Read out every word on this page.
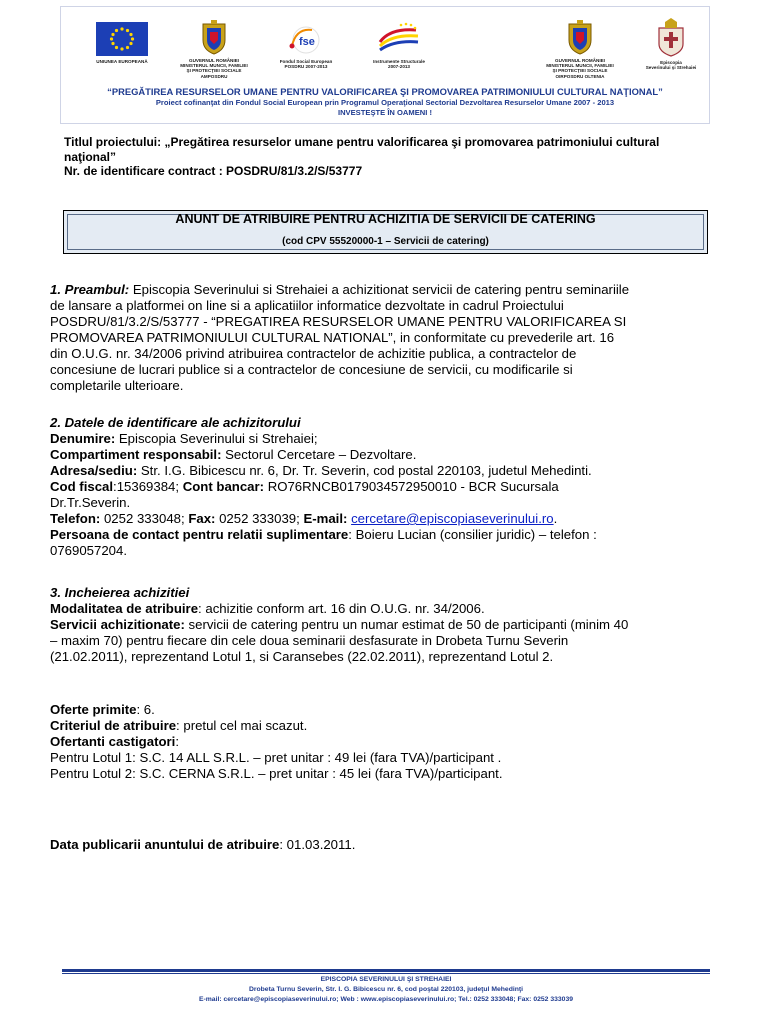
UNIUNEA EUROPEANĂ	GUVERNUL ROMÂNIEI
MINISTERUL MUNCII, FAMILIEI
ŞI PROTECŢIEI SOCIALE
AMPOSDRU
fse
Fondul Social European
POSDRU 2007-2013
Instrumente Structurale
2007-2013
GUVERNUL ROMÂNIEI
MINISTERUL MUNCII, FAMILIEI
ŞI PROTECŢIEI SOCIALE
OIRPOSDRU OLTENIA
Episcopia
Severinului şi Strehaiei
“PREGĂTIREA RESURSELOR UMANE PENTRU VALORIFICAREA ŞI PROMOVAREA PATRIMONIULUI CULTURAL NAŢIONAL”
Proiect cofinanţat din Fondul Social European prin Programul Operaţional Sectorial Dezvoltarea Resurselor Umane 2007 - 2013
INVESTEŞTE ÎN OAMENI !
Titlul proiectului: „Pregătirea resurselor umane pentru valorificarea şi promovarea patrimoniului cultural
naţional”
Nr. de identificare contract : POSDRU/81/3.2/S/53777
ANUNT DE ATRIBUIRE PENTRU ACHIZITIA DE SERVICII DE CATERING
(cod CPV 55520000-1 – Servicii de catering)
1. Preambul: Episcopia Severinului si Strehaiei a achizitionat servicii de catering pentru seminariile
de lansare a platformei on line si a aplicatiilor informatice dezvoltate in cadrul Proiectului
POSDRU/81/3.2/S/53777 - “PREGATIREA RESURSELOR UMANE PENTRU VALORIFICAREA SI
PROMOVAREA PATRIMONIULUI CULTURAL NATIONAL”, in conformitate cu prevederile art. 16
din O.U.G. nr. 34/2006 privind atribuirea contractelor de achizitie publica, a contractelor de
concesiune de lucrari publice si a contractelor de concesiune de servicii, cu modificarile si
completarile ulterioare.
2. Datele de identificare ale achizitorului
Denumire: Episcopia Severinului si Strehaiei;
Compartiment responsabil: Sectorul Cercetare – Dezvoltare.
Adresa/sediu: Str. I.G. Bibicescu nr. 6, Dr. Tr. Severin, cod postal 220103, judetul Mehedinti.
Cod fiscal:15369384; Cont bancar: RO76RNCB0179034572950010 - BCR Sucursala
Dr.Tr.Severin.
Telefon: 0252 333048; Fax: 0252 333039; E-mail: cercetare@episcopiaseverinului.ro.
Persoana de contact pentru relatii suplimentare: Boieru Lucian (consilier juridic) – telefon :
0769057204.
3. Incheierea achizitiei
Modalitatea de atribuire: achizitie conform art. 16 din O.U.G. nr. 34/2006.
Servicii achizitionate: servicii de catering pentru un numar estimat de 50 de participanti (minim 40
– maxim 70) pentru fiecare din cele doua seminarii desfasurate in Drobeta Turnu Severin
(21.02.2011), reprezentand Lotul 1, si Caransebes (22.02.2011), reprezentand Lotul 2.
Oferte primite: 6.
Criteriul de atribuire: pretul cel mai scazut.
Ofertanti castigatori:
Pentru Lotul 1: S.C. 14 ALL S.R.L. – pret unitar : 49 lei (fara TVA)/participant .
Pentru Lotul 2: S.C. CERNA S.R.L. – pret unitar : 45 lei (fara TVA)/participant.
Data publicarii anuntului de atribuire: 01.03.2011.
EPISCOPIA SEVERINULUI ŞI STREHAIEI
Drobeta Turnu Severin, Str. I. G. Bibicescu nr. 6, cod poştal 220103, judeţul Mehedinţi
E-mail: cercetare@episcopiaseverinului.ro; Web : www.episcopiaseverinului.ro; Tel.: 0252 333048; Fax: 0252 333039
